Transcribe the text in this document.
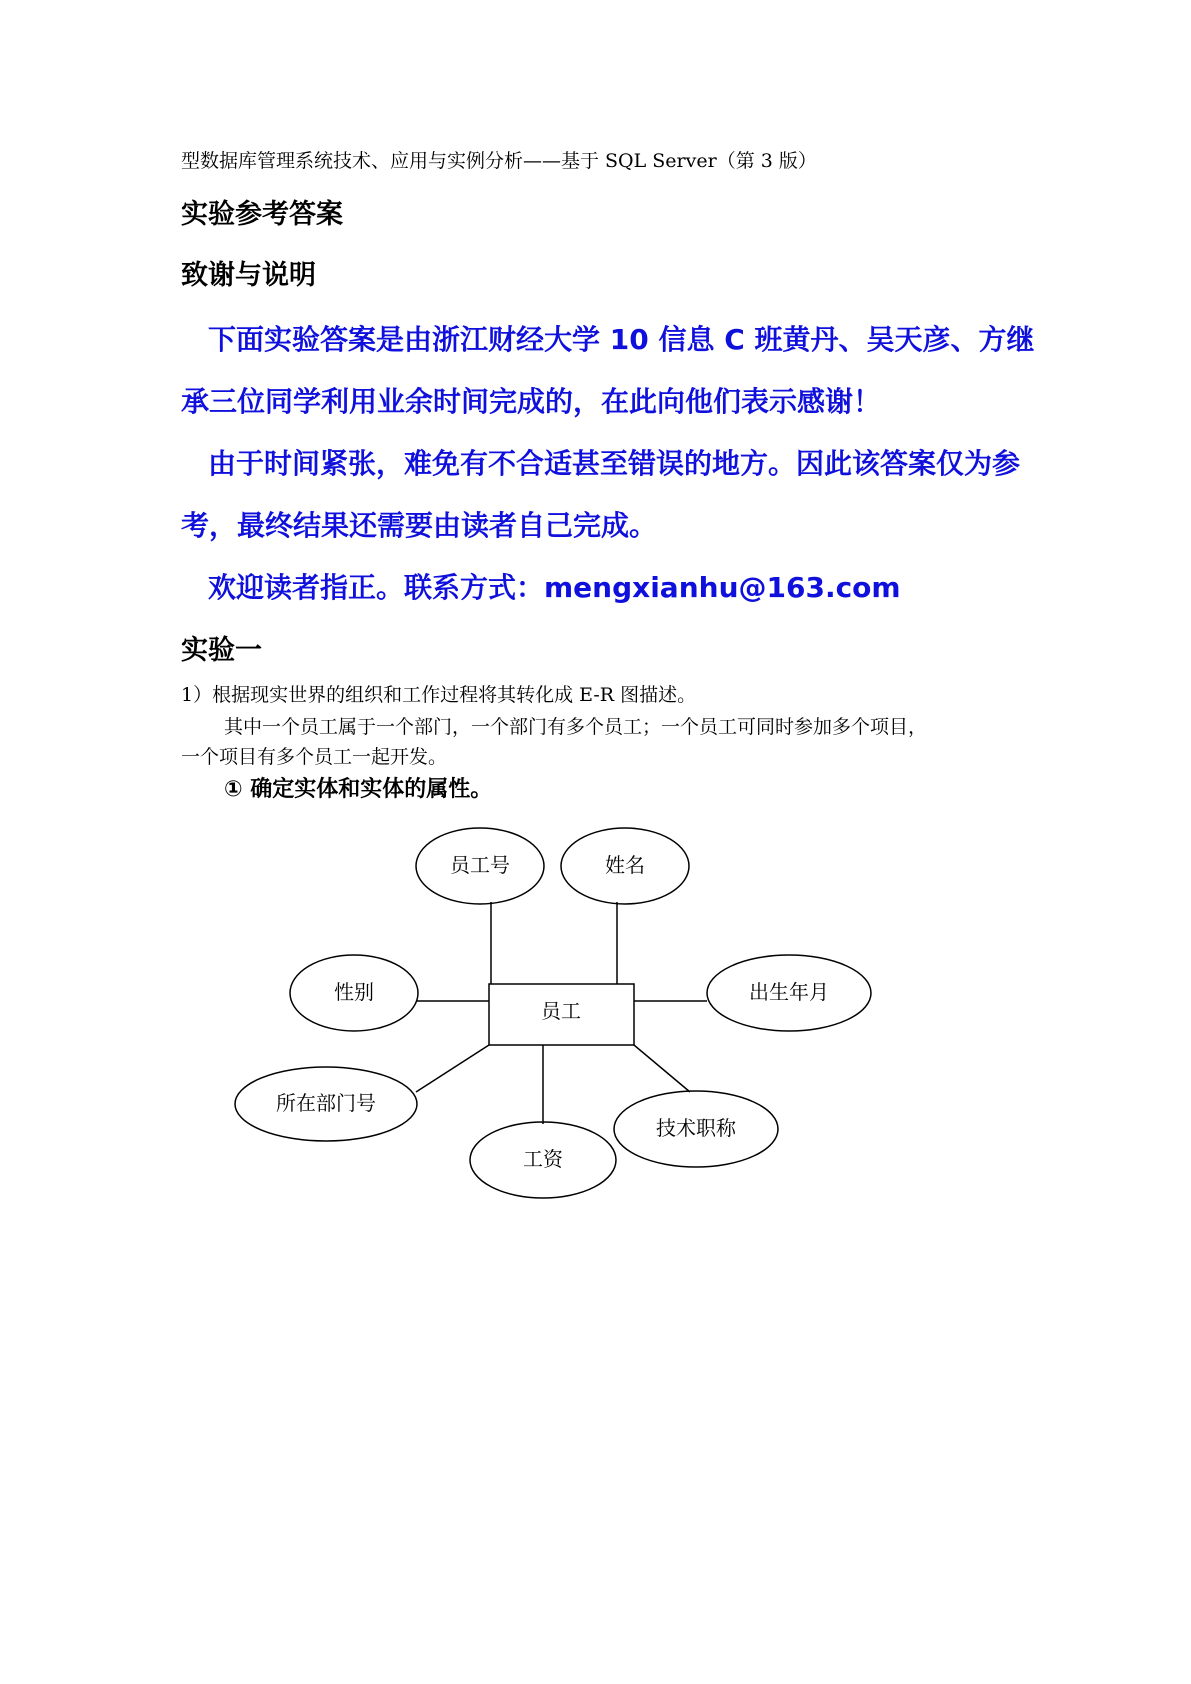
型数据库管理系统技术、应用与实例分析——基于 SQL Server（第 3 版）
实验参考答案
致谢与说明
下面实验答案是由浙江财经大学 10 信息 C 班黄丹、吴天彦、方继
承三位同学利用业余时间完成的，在此向他们表示感谢！
由于时间紧张，难免有不合适甚至错误的地方。因此该答案仅为参
考，最终结果还需要由读者自己完成。
欢迎读者指正。联系方式：mengxianhu@163.com
实验一
1）根据现实世界的组织和工作过程将其转化成 E-R 图描述。
其中一个员工属于一个部门，一个部门有多个员工；一个员工可同时参加多个项目，
一个项目有多个员工一起开发。
① 确定实体和实体的属性。
员工
员工号	姓名
性别	出生年月
所在部门号
技术职称
工资
